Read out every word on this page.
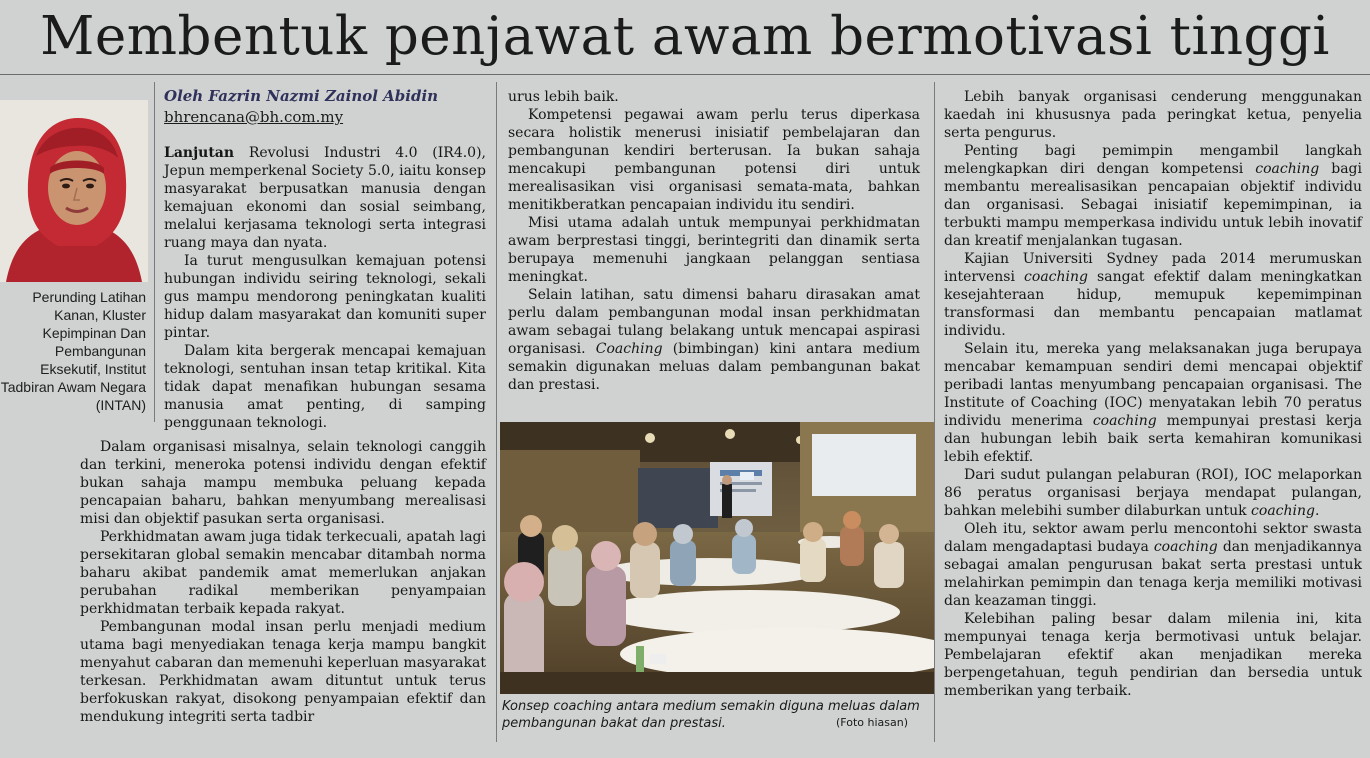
Membentuk penjawat awam bermotivasi tinggi
Oleh Fazrin Nazmi Zainol Abidin
bhrencana@bh.com.my
Perunding Latihan Kanan, Kluster Kepimpinan Dan Pembangunan Eksekutif, Institut Tadbiran Awam Negara (INTAN)

Lanjutan Revolusi Industri 4.0 (IR4.0), Jepun memperkenal Society 5.0, iaitu konsep masyarakat berpusatkan manusia dengan kemajuan ekonomi dan sosial seimbang, melalui kerjasama teknologi serta integrasi ruang maya dan nyata.

Ia turut mengusulkan kemajuan potensi hubungan individu seiring teknologi, sekali gus mampu mendorong peningkatan kualiti hidup dalam masyarakat dan komuniti super pintar.

Dalam kita bergerak mencapai kemajuan teknologi, sentuhan insan tetap kritikal. Kita tidak dapat menafikan hubungan sesama manusia amat penting, di samping penggunaan teknologi.

Dalam organisasi misalnya, selain teknologi canggih dan terkini, meneroka potensi individu dengan efektif bukan sahaja mampu membuka peluang kepada pencapaian baharu, bahkan menyumbang merealisasi misi dan objektif pasukan serta organisasi.

Perkhidmatan awam juga tidak terkecuali, apatah lagi persekitaran global semakin mencabar ditambah norma baharu akibat pandemik amat memerlukan anjakan perubahan radikal memberikan penyampaian perkhidmatan terbaik kepada rakyat.

Pembangunan modal insan perlu menjadi medium utama bagi menyediakan tenaga kerja mampu bangkit menyahut cabaran dan memenuhi keperluan masyarakat terkesan. Perkhidmatan awam dituntut untuk terus berfokuskan rakyat, disokong penyampaian efektif dan mendukung integriti serta tadbir

urus lebih baik.

Kompetensi pegawai awam perlu terus diperkasa secara holistik menerusi inisiatif pembelajaran dan pembangunan kendiri berterusan. Ia bukan sahaja mencakupi pembangunan potensi diri untuk merealisasikan visi organisasi semata-mata, bahkan menitikberatkan pencapaian individu itu sendiri.

Misi utama adalah untuk mempunyai perkhidmatan awam berprestasi tinggi, berintegriti dan dinamik serta berupaya memenuhi jangkaan pelanggan sentiasa meningkat.

Selain latihan, satu dimensi baharu dirasakan amat perlu dalam pembangunan modal insan perkhidmatan awam sebagai tulang belakang untuk mencapai aspirasi organisasi. Coaching (bimbingan) kini antara medium semakin digunakan meluas dalam pembangunan bakat dan prestasi.

Konsep coaching antara medium semakin diguna meluas dalam pembangunan bakat dan prestasi.	(Foto hiasan)

Lebih banyak organisasi cenderung menggunakan kaedah ini khususnya pada peringkat ketua, penyelia serta pengurus.

Penting bagi pemimpin mengambil langkah melengkapkan diri dengan kompetensi coaching bagi membantu merealisasikan pencapaian objektif individu dan organisasi. Sebagai inisiatif kepemimpinan, ia terbukti mampu memperkasa individu untuk lebih inovatif dan kreatif menjalankan tugasan.

Kajian Universiti Sydney pada 2014 merumuskan intervensi coaching sangat efektif dalam meningkatkan kesejahteraan hidup, memupuk kepemimpinan transformasi dan membantu pencapaian matlamat individu.

Selain itu, mereka yang melaksanakan juga berupaya mencabar kemampuan sendiri demi mencapai objektif peribadi lantas menyumbang pencapaian organisasi. The Institute of Coaching (IOC) menyatakan lebih 70 peratus individu menerima coaching mempunyai prestasi kerja dan hubungan lebih baik serta kemahiran komunikasi lebih efektif.

Dari sudut pulangan pelaburan (ROI), IOC melaporkan 86 peratus organisasi berjaya mendapat pulangan, bahkan melebihi sumber dilaburkan untuk coaching.

Oleh itu, sektor awam perlu mencontohi sektor swasta dalam mengadaptasi budaya coaching dan menjadikannya sebagai amalan pengurusan bakat serta prestasi untuk melahirkan pemimpin dan tenaga kerja memiliki motivasi dan keazaman tinggi.

Kelebihan paling besar dalam milenia ini, kita mempunyai tenaga kerja bermotivasi untuk belajar. Pembelajaran efektif akan menjadikan mereka berpengetahuan, teguh pendirian dan bersedia untuk memberikan yang terbaik.
